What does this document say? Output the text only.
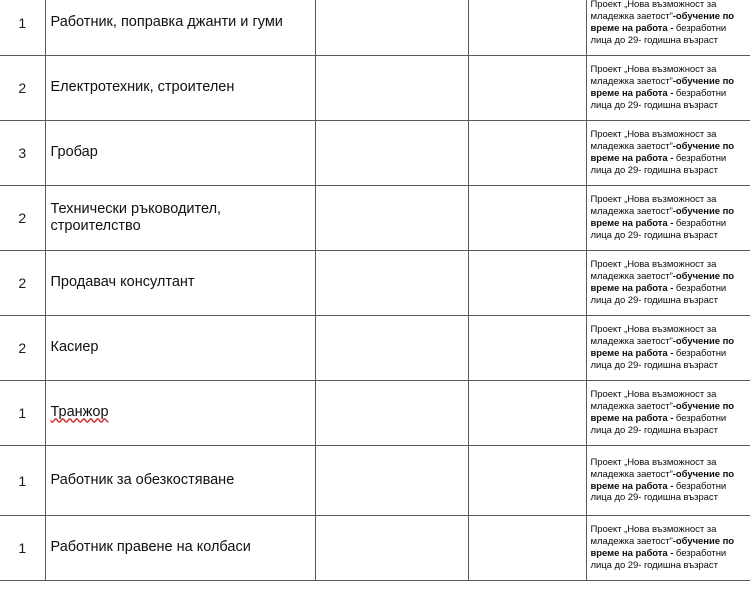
1	Работник, поправка джанти и гуми			Проект „Нова възможност за младежка заетост”-обучение по време на работа - безработни лица до 29- годишна възраст

2	Електротехник, строителен			Проект „Нова възможност за младежка заетост”-обучение по време на работа - безработни лица до 29- годишна възраст

3	Гробар			Проект „Нова възможност за младежка заетост”-обучение по време на работа - безработни лица до 29- годишна възраст

2	Технически ръководител, строителство			Проект „Нова възможност за младежка заетост”-обучение по време на работа - безработни лица до 29- годишна възраст

2	Продавач консултант			Проект „Нова възможност за младежка заетост”-обучение по време на работа - безработни лица до 29- годишна възраст

2	Касиер			Проект „Нова възможност за младежка заетост”-обучение по време на работа - безработни лица до 29- годишна възраст

1	Транжор			Проект „Нова възможност за младежка заетост”-обучение по време на работа - безработни лица до 29- годишна възраст

1	Работник за обезкостяване			Проект „Нова възможност за младежка заетост”-обучение по време на работа - безработни лица до 29- годишна възраст

1	Работник правене на колбаси			Проект „Нова възможност за младежка заетост”-обучение по време на работа - безработни лица до 29- годишна възраст
